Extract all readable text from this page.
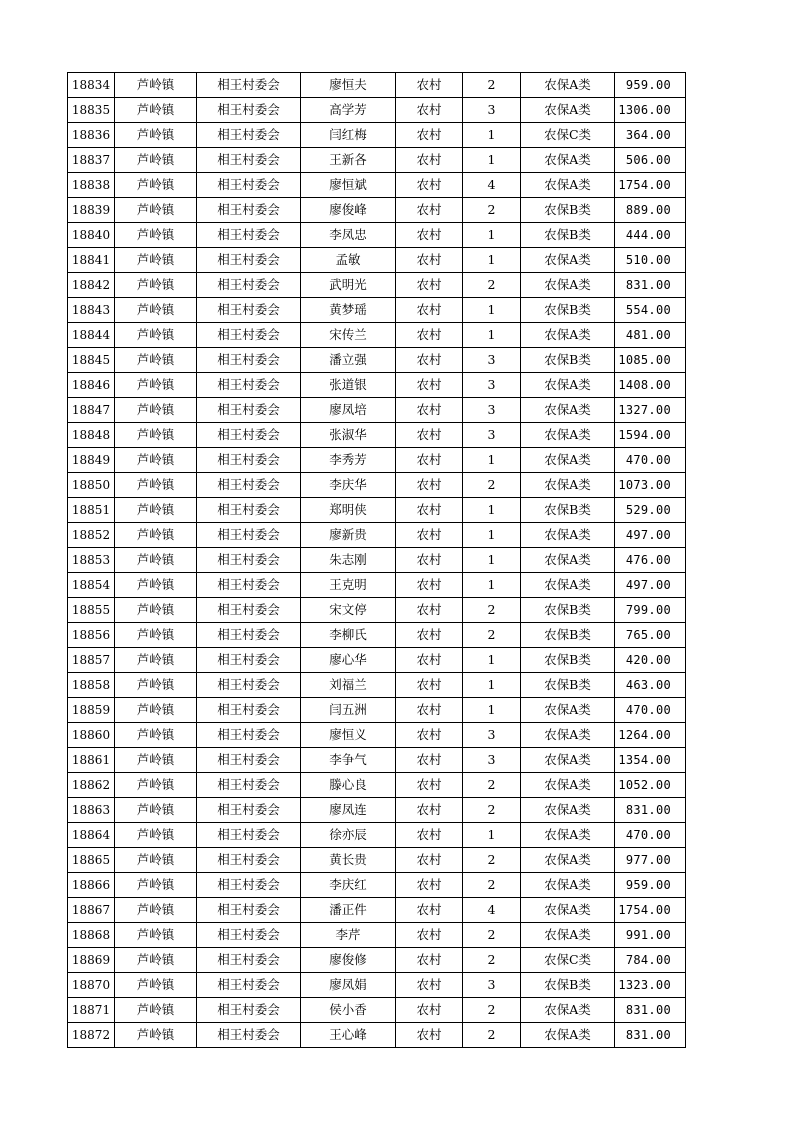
18834	芦岭镇	相王村委会	廖恒夫	农村	2	农保A类	959.00
18835	芦岭镇	相王村委会	高学芳	农村	3	农保A类	1306.00
18836	芦岭镇	相王村委会	闫红梅	农村	1	农保C类	364.00
18837	芦岭镇	相王村委会	王新各	农村	1	农保A类	506.00
18838	芦岭镇	相王村委会	廖恒斌	农村	4	农保A类	1754.00
18839	芦岭镇	相王村委会	廖俊峰	农村	2	农保B类	889.00
18840	芦岭镇	相王村委会	李凤忠	农村	1	农保B类	444.00
18841	芦岭镇	相王村委会	孟敏	农村	1	农保A类	510.00
18842	芦岭镇	相王村委会	武明光	农村	2	农保A类	831.00
18843	芦岭镇	相王村委会	黄梦瑶	农村	1	农保B类	554.00
18844	芦岭镇	相王村委会	宋传兰	农村	1	农保A类	481.00
18845	芦岭镇	相王村委会	潘立强	农村	3	农保B类	1085.00
18846	芦岭镇	相王村委会	张道银	农村	3	农保A类	1408.00
18847	芦岭镇	相王村委会	廖凤培	农村	3	农保A类	1327.00
18848	芦岭镇	相王村委会	张淑华	农村	3	农保A类	1594.00
18849	芦岭镇	相王村委会	李秀芳	农村	1	农保A类	470.00
18850	芦岭镇	相王村委会	李庆华	农村	2	农保A类	1073.00
18851	芦岭镇	相王村委会	郑明侠	农村	1	农保B类	529.00
18852	芦岭镇	相王村委会	廖新贵	农村	1	农保A类	497.00
18853	芦岭镇	相王村委会	朱志刚	农村	1	农保A类	476.00
18854	芦岭镇	相王村委会	王克明	农村	1	农保A类	497.00
18855	芦岭镇	相王村委会	宋文停	农村	2	农保B类	799.00
18856	芦岭镇	相王村委会	李柳氏	农村	2	农保B类	765.00
18857	芦岭镇	相王村委会	廖心华	农村	1	农保B类	420.00
18858	芦岭镇	相王村委会	刘福兰	农村	1	农保B类	463.00
18859	芦岭镇	相王村委会	闫五洲	农村	1	农保A类	470.00
18860	芦岭镇	相王村委会	廖恒义	农村	3	农保A类	1264.00
18861	芦岭镇	相王村委会	李争气	农村	3	农保A类	1354.00
18862	芦岭镇	相王村委会	滕心良	农村	2	农保A类	1052.00
18863	芦岭镇	相王村委会	廖凤连	农村	2	农保A类	831.00
18864	芦岭镇	相王村委会	徐亦辰	农村	1	农保A类	470.00
18865	芦岭镇	相王村委会	黄长贵	农村	2	农保A类	977.00
18866	芦岭镇	相王村委会	李庆红	农村	2	农保A类	959.00
18867	芦岭镇	相王村委会	潘正件	农村	4	农保A类	1754.00
18868	芦岭镇	相王村委会	李芹	农村	2	农保A类	991.00
18869	芦岭镇	相王村委会	廖俊修	农村	2	农保C类	784.00
18870	芦岭镇	相王村委会	廖凤娟	农村	3	农保B类	1323.00
18871	芦岭镇	相王村委会	侯小香	农村	2	农保A类	831.00
18872	芦岭镇	相王村委会	王心峰	农村	2	农保A类	831.00
